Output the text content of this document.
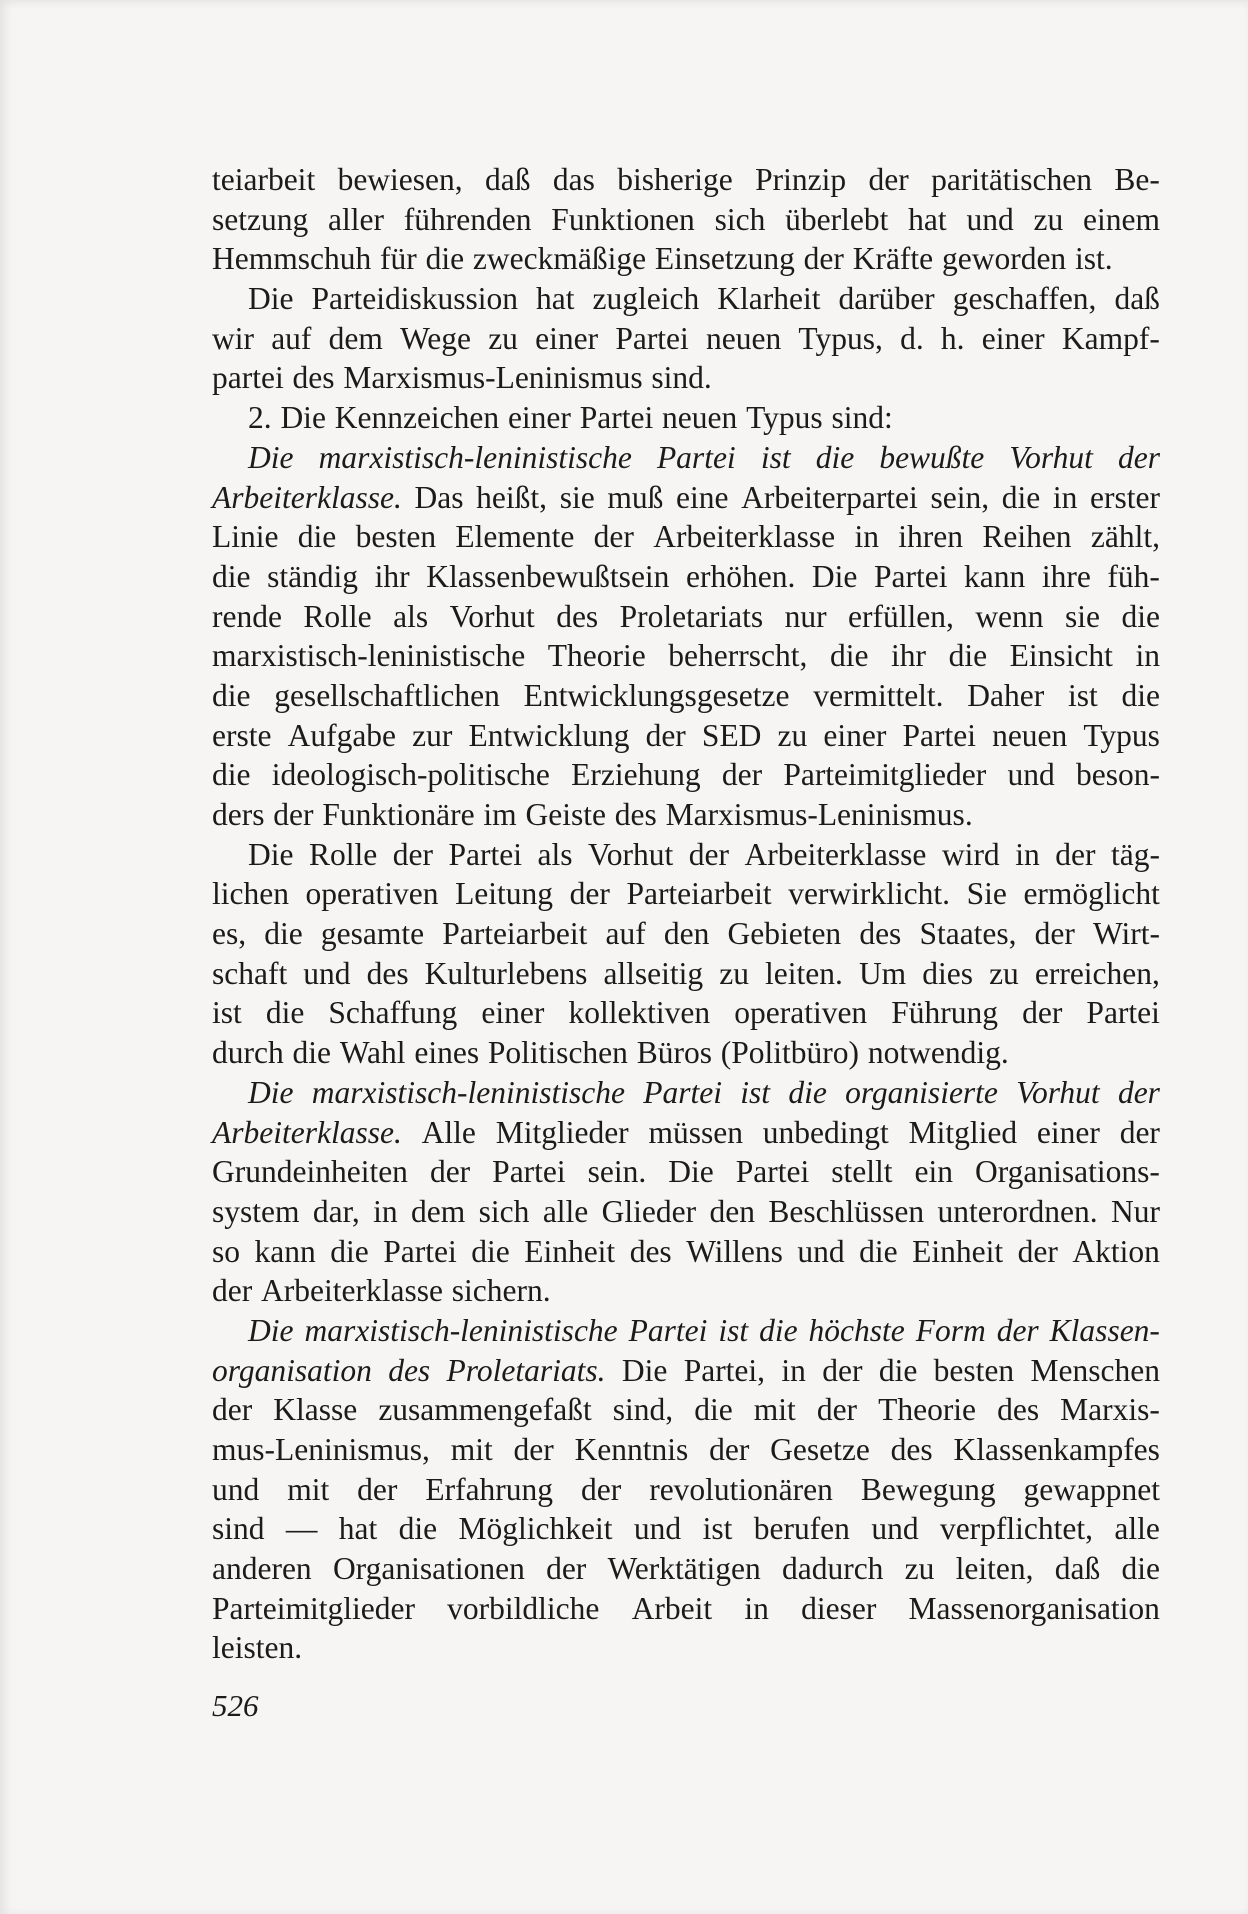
teiarbeit bewiesen, daß das bisherige Prinzip der paritätischen Be-
setzung aller führenden Funktionen sich überlebt hat und zu einem
Hemmschuh für die zweckmäßige Einsetzung der Kräfte geworden ist.
Die Parteidiskussion hat zugleich Klarheit darüber geschaffen, daß
wir auf dem Wege zu einer Partei neuen Typus, d. h. einer Kampf-
partei des Marxismus-Leninismus sind.
2. Die Kennzeichen einer Partei neuen Typus sind:
Die marxistisch-leninistische Partei ist die bewußte Vorhut der
Arbeiterklasse. Das heißt, sie muß eine Arbeiterpartei sein, die in erster
Linie die besten Elemente der Arbeiterklasse in ihren Reihen zählt,
die ständig ihr Klassenbewußtsein erhöhen. Die Partei kann ihre füh-
rende Rolle als Vorhut des Proletariats nur erfüllen, wenn sie die
marxistisch-leninistische Theorie beherrscht, die ihr die Einsicht in
die gesellschaftlichen Entwicklungsgesetze vermittelt. Daher ist die
erste Aufgabe zur Entwicklung der SED zu einer Partei neuen Typus
die ideologisch-politische Erziehung der Parteimitglieder und beson-
ders der Funktionäre im Geiste des Marxismus-Leninismus.
Die Rolle der Partei als Vorhut der Arbeiterklasse wird in der täg-
lichen operativen Leitung der Parteiarbeit verwirklicht. Sie ermöglicht
es, die gesamte Parteiarbeit auf den Gebieten des Staates, der Wirt-
schaft und des Kulturlebens allseitig zu leiten. Um dies zu erreichen,
ist die Schaffung einer kollektiven operativen Führung der Partei
durch die Wahl eines Politischen Büros (Politbüro) notwendig.
Die marxistisch-leninistische Partei ist die organisierte Vorhut der
Arbeiterklasse. Alle Mitglieder müssen unbedingt Mitglied einer der
Grundeinheiten der Partei sein. Die Partei stellt ein Organisations-
system dar, in dem sich alle Glieder den Beschlüssen unterordnen. Nur
so kann die Partei die Einheit des Willens und die Einheit der Aktion
der Arbeiterklasse sichern.
Die marxistisch-leninistische Partei ist die höchste Form der Klassen-
organisation des Proletariats. Die Partei, in der die besten Menschen
der Klasse zusammengefaßt sind, die mit der Theorie des Marxis-
mus-Leninismus, mit der Kenntnis der Gesetze des Klassenkampfes
und mit der Erfahrung der revolutionären Bewegung gewappnet
sind — hat die Möglichkeit und ist berufen und verpflichtet, alle
anderen Organisationen der Werktätigen dadurch zu leiten, daß die
Parteimitglieder vorbildliche Arbeit in dieser Massenorganisation
leisten.
526
